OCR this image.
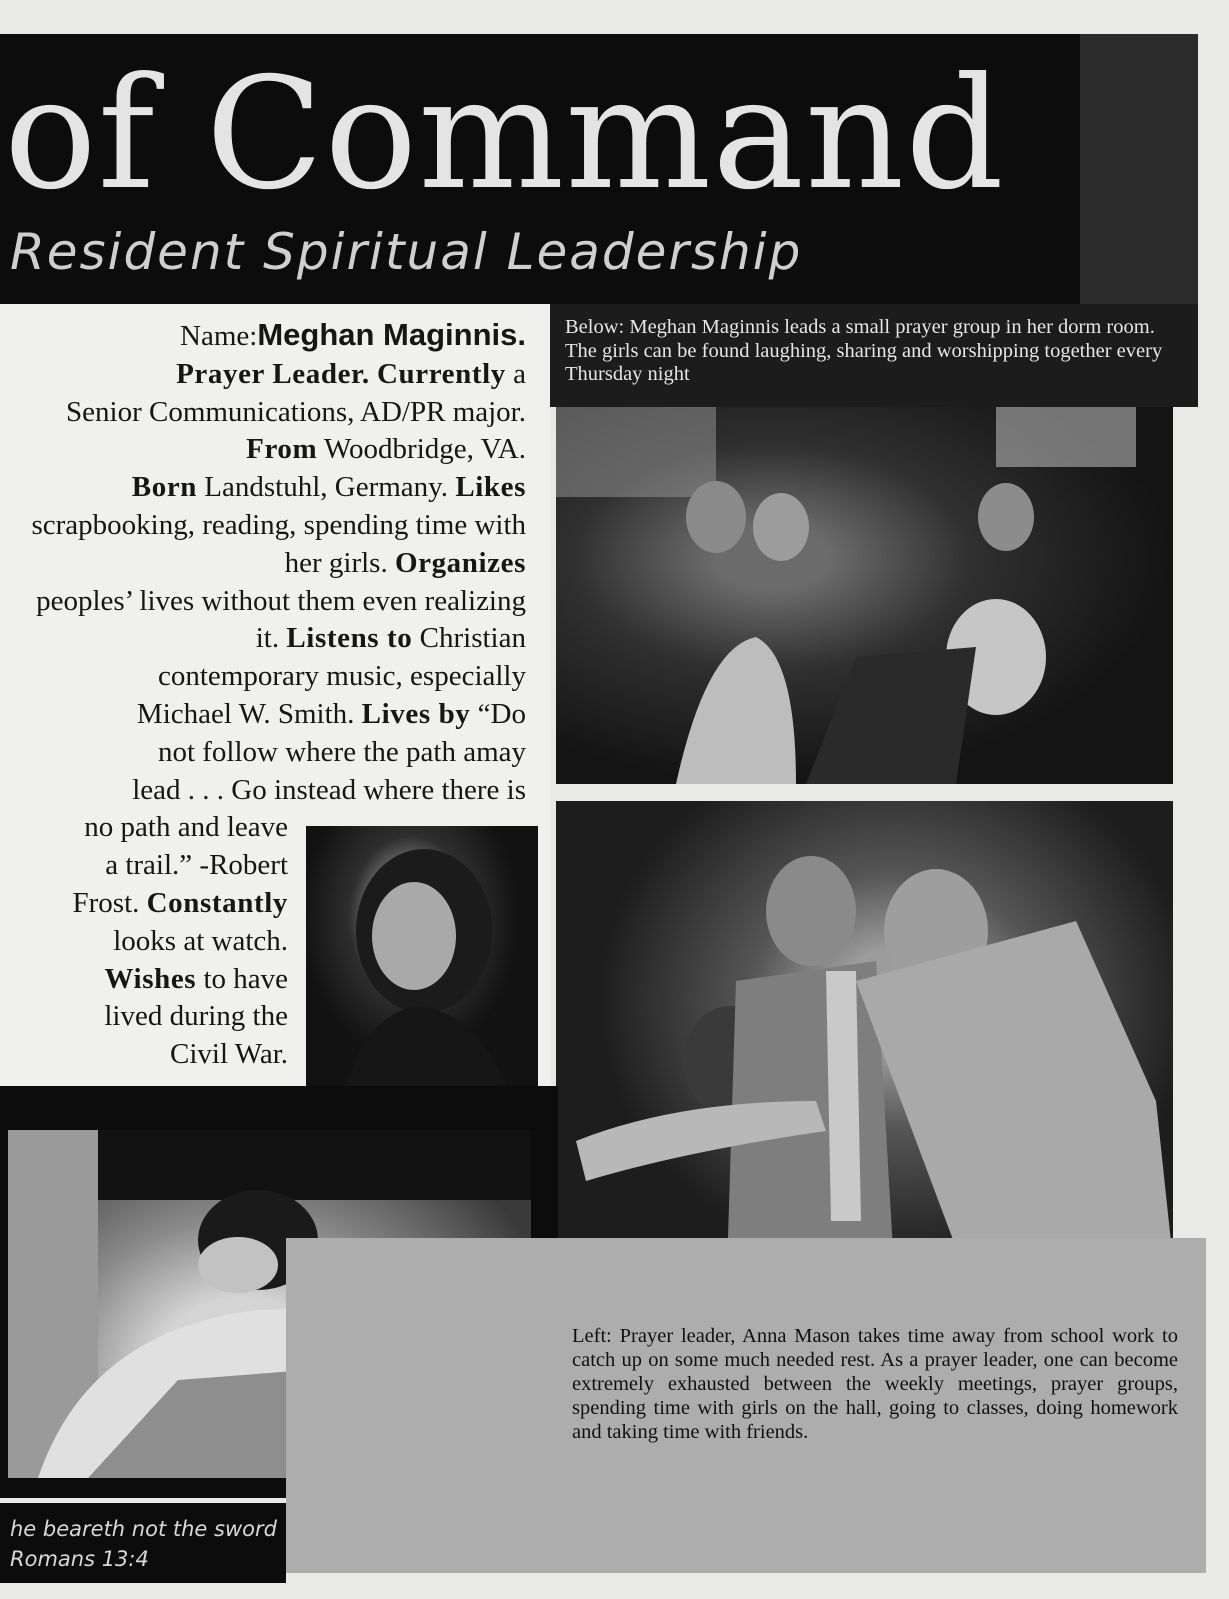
of Command
Resident Spiritual Leadership
Name:Meghan Maginnis.
Prayer Leader. Currently a
Senior Communications, AD/PR major. From Woodbridge, VA.
Born Landstuhl, Germany. Likes
scrapbooking, reading, spending time with her girls. Organizes
peoples’ lives without them even realizing it. Listens to Christian
contemporary music, especially
Michael W. Smith. Lives by “Do
not follow where the path amay
lead . . . Go instead where there is
no path and leave
a trail.” -Robert
Frost. Constantly
looks at watch.
Wishes to have
lived during the
Civil War.
Below: Meghan Maginnis leads a small prayer group in her dorm room. The girls can be found laughing, sharing and worshipping together every Thursday night
Left: Prayer leader, Anna Mason takes time away from school work to catch up on some much needed rest. As a prayer leader, one can become extremely exhausted between the weekly meetings, prayer groups, spending time with girls on the hall, going to classes, doing homework and taking time with friends.
he beareth not the sword
Romans 13:4
